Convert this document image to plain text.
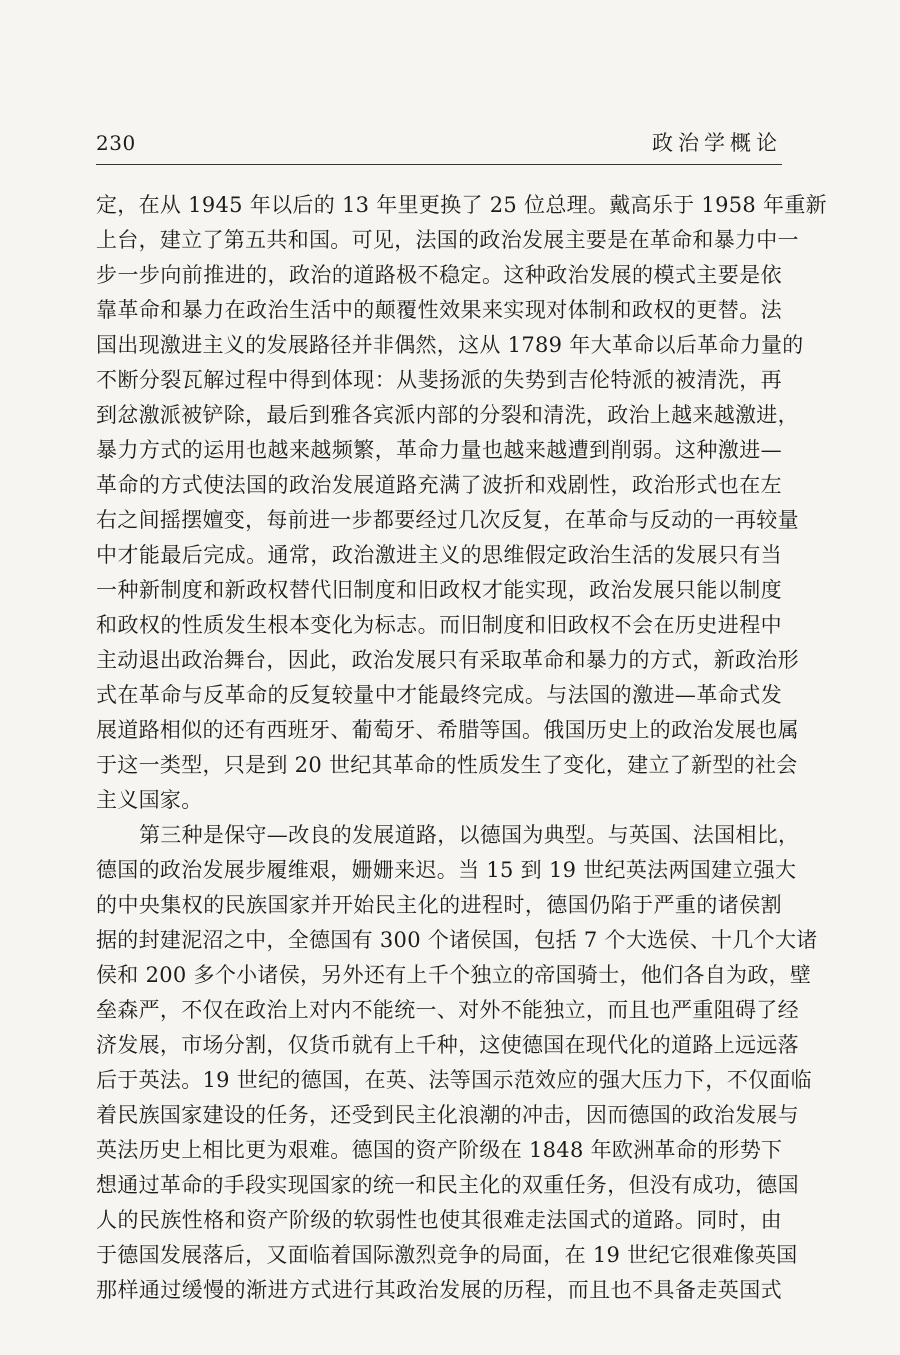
230	政治学概论
定，在从 1945 年以后的 13 年里更换了 25 位总理。戴高乐于 1958 年重新
上台，建立了第五共和国。可见，法国的政治发展主要是在革命和暴力中一
步一步向前推进的，政治的道路极不稳定。这种政治发展的模式主要是依
靠革命和暴力在政治生活中的颠覆性效果来实现对体制和政权的更替。法
国出现激进主义的发展路径并非偶然，这从 1789 年大革命以后革命力量的
不断分裂瓦解过程中得到体现：从斐扬派的失势到吉伦特派的被清洗，再
到忿激派被铲除，最后到雅各宾派内部的分裂和清洗，政治上越来越激进，
暴力方式的运用也越来越频繁，革命力量也越来越遭到削弱。这种激进—
革命的方式使法国的政治发展道路充满了波折和戏剧性，政治形式也在左
右之间摇摆嬗变，每前进一步都要经过几次反复，在革命与反动的一再较量
中才能最后完成。通常，政治激进主义的思维假定政治生活的发展只有当
一种新制度和新政权替代旧制度和旧政权才能实现，政治发展只能以制度
和政权的性质发生根本变化为标志。而旧制度和旧政权不会在历史进程中
主动退出政治舞台，因此，政治发展只有采取革命和暴力的方式，新政治形
式在革命与反革命的反复较量中才能最终完成。与法国的激进—革命式发
展道路相似的还有西班牙、葡萄牙、希腊等国。俄国历史上的政治发展也属
于这一类型，只是到 20 世纪其革命的性质发生了变化，建立了新型的社会
主义国家。
第三种是保守—改良的发展道路，以德国为典型。与英国、法国相比，
德国的政治发展步履维艰，姗姗来迟。当 15 到 19 世纪英法两国建立强大
的中央集权的民族国家并开始民主化的进程时，德国仍陷于严重的诸侯割
据的封建泥沼之中，全德国有 300 个诸侯国，包括 7 个大选侯、十几个大诸
侯和 200 多个小诸侯，另外还有上千个独立的帝国骑士，他们各自为政，壁
垒森严，不仅在政治上对内不能统一、对外不能独立，而且也严重阻碍了经
济发展，市场分割，仅货币就有上千种，这使德国在现代化的道路上远远落
后于英法。19 世纪的德国，在英、法等国示范效应的强大压力下，不仅面临
着民族国家建设的任务，还受到民主化浪潮的冲击，因而德国的政治发展与
英法历史上相比更为艰难。德国的资产阶级在 1848 年欧洲革命的形势下
想通过革命的手段实现国家的统一和民主化的双重任务，但没有成功，德国
人的民族性格和资产阶级的软弱性也使其很难走法国式的道路。同时，由
于德国发展落后，又面临着国际激烈竞争的局面，在 19 世纪它很难像英国
那样通过缓慢的渐进方式进行其政治发展的历程，而且也不具备走英国式
